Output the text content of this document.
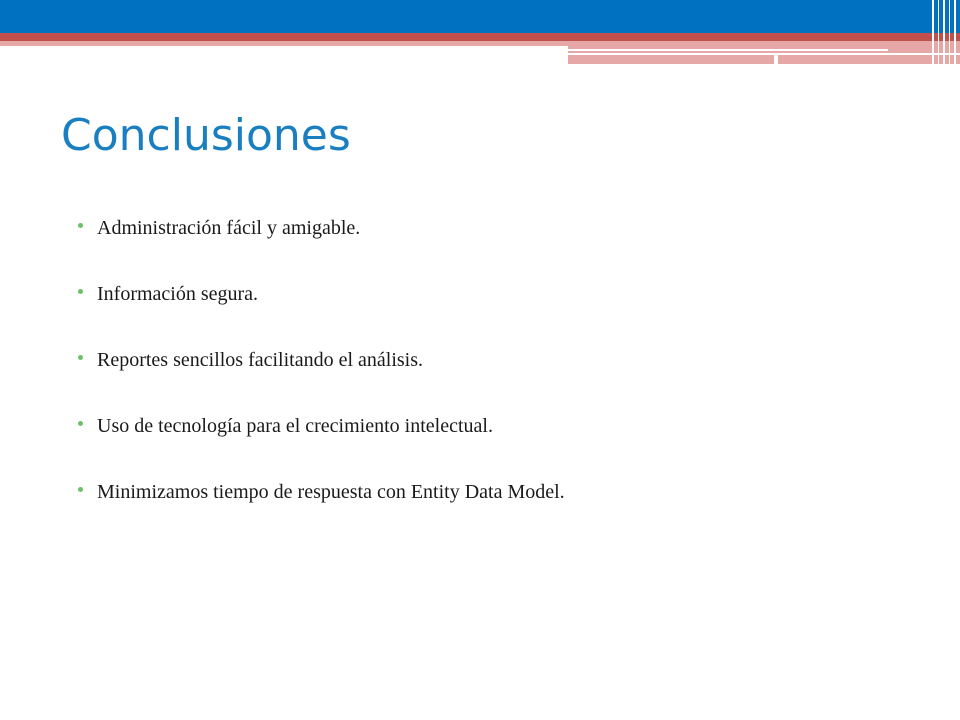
Conclusiones
Administración fácil y amigable.
Información segura.
Reportes sencillos facilitando el análisis.
Uso de tecnología para el crecimiento intelectual.
Minimizamos tiempo de respuesta con Entity Data Model.
